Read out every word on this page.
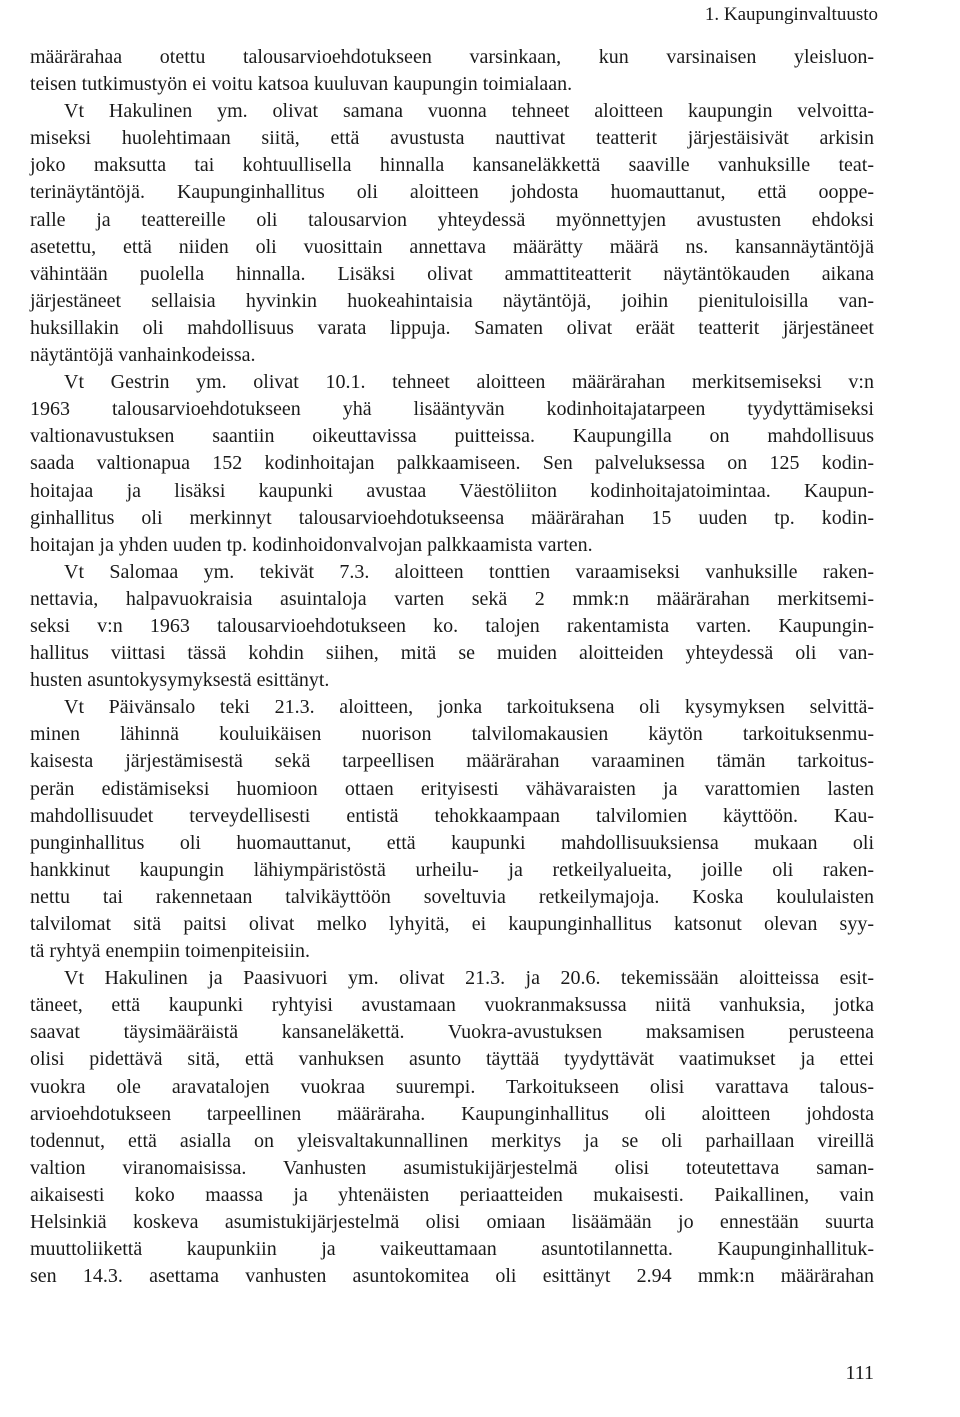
1. Kaupunginvaltuusto
määrärahaa otettu talousarvioehdotukseen varsinkaan, kun varsinaisen yleisluon-
teisen tutkimustyön ei voitu katsoa kuuluvan kaupungin toimialaan.
Vt Hakulinen ym. olivat samana vuonna tehneet aloitteen kaupungin velvoitta-
miseksi huolehtimaan siitä, että avustusta nauttivat teatterit järjestäisivät arkisin
joko maksutta tai kohtuullisella hinnalla kansaneläkkettä saaville vanhuksille teat-
terinäytäntöjä. Kaupunginhallitus oli aloitteen johdosta huomauttanut, että ooppe-
ralle ja teattereille oli talousarvion yhteydessä myönnettyjen avustusten ehdoksi
asetettu, että niiden oli vuosittain annettava määrätty määrä ns. kansannäytäntöjä
vähintään puolella hinnalla. Lisäksi olivat ammattiteatterit näytäntökauden aikana
järjestäneet sellaisia hyvinkin huokeahintaisia näytäntöjä, joihin pienituloisilla van-
huksillakin oli mahdollisuus varata lippuja. Samaten olivat eräät teatterit järjestäneet
näytäntöjä vanhainkodeissa.
Vt Gestrin ym. olivat 10.1. tehneet aloitteen määrärahan merkitsemiseksi v:n
1963 talousarvioehdotukseen yhä lisääntyvän kodinhoitajatarpeen tyydyttämiseksi
valtionavustuksen saantiin oikeuttavissa puitteissa. Kaupungilla on mahdollisuus
saada valtionapua 152 kodinhoitajan palkkaamiseen. Sen palveluksessa on 125 kodin-
hoitajaa ja lisäksi kaupunki avustaa Väestöliiton kodinhoitajatoimintaa. Kaupun-
ginhallitus oli merkinnyt talousarvioehdotukseensa määrärahan 15 uuden tp. kodin-
hoitajan ja yhden uuden tp. kodinhoidonvalvojan palkkaamista varten.
Vt Salomaa ym. tekivät 7.3. aloitteen tonttien varaamiseksi vanhuksille raken-
nettavia, halpavuokraisia asuintaloja varten sekä 2 mmk:n määrärahan merkitsemi-
seksi v:n 1963 talousarvioehdotukseen ko. talojen rakentamista varten. Kaupungin-
hallitus viittasi tässä kohdin siihen, mitä se muiden aloitteiden yhteydessä oli van-
husten asuntokysymyksestä esittänyt.
Vt Päivänsalo teki 21.3. aloitteen, jonka tarkoituksena oli kysymyksen selvittä-
minen lähinnä kouluikäisen nuorison talvilomakausien käytön tarkoituksenmu-
kaisesta järjestämisestä sekä tarpeellisen määrärahan varaaminen tämän tarkoitus-
perän edistämiseksi huomioon ottaen erityisesti vähävaraisten ja varattomien lasten
mahdollisuudet terveydellisesti entistä tehokkaampaan talvilomien käyttöön. Kau-
punginhallitus oli huomauttanut, että kaupunki mahdollisuuksiensa mukaan oli
hankkinut kaupungin lähiympäristöstä urheilu- ja retkeilyalueita, joille oli raken-
nettu tai rakennetaan talvikäyttöön soveltuvia retkeilymajoja. Koska koululaisten
talvilomat sitä paitsi olivat melko lyhyitä, ei kaupunginhallitus katsonut olevan syy-
tä ryhtyä enempiin toimenpiteisiin.
Vt Hakulinen ja Paasivuori ym. olivat 21.3. ja 20.6. tekemissään aloitteissa esit-
täneet, että kaupunki ryhtyisi avustamaan vuokranmaksussa niitä vanhuksia, jotka
saavat täysimääräistä kansaneläkettä. Vuokra-avustuksen maksamisen perusteena
olisi pidettävä sitä, että vanhuksen asunto täyttää tyydyttävät vaatimukset ja ettei
vuokra ole aravatalojen vuokraa suurempi. Tarkoitukseen olisi varattava talous-
arvioehdotukseen tarpeellinen määräraha. Kaupunginhallitus oli aloitteen johdosta
todennut, että asialla on yleisvaltakunnallinen merkitys ja se oli parhaillaan vireillä
valtion viranomaisissa. Vanhusten asumistukijärjestelmä olisi toteutettava saman-
aikaisesti koko maassa ja yhtenäisten periaatteiden mukaisesti. Paikallinen, vain
Helsinkiä koskeva asumistukijärjestelmä olisi omiaan lisäämään jo ennestään suurta
muuttoliikettä kaupunkiin ja vaikeuttamaan asuntotilannetta. Kaupunginhallituk-
sen 14.3. asettama vanhusten asuntokomitea oli esittänyt 2.94 mmk:n määrärahan
111
